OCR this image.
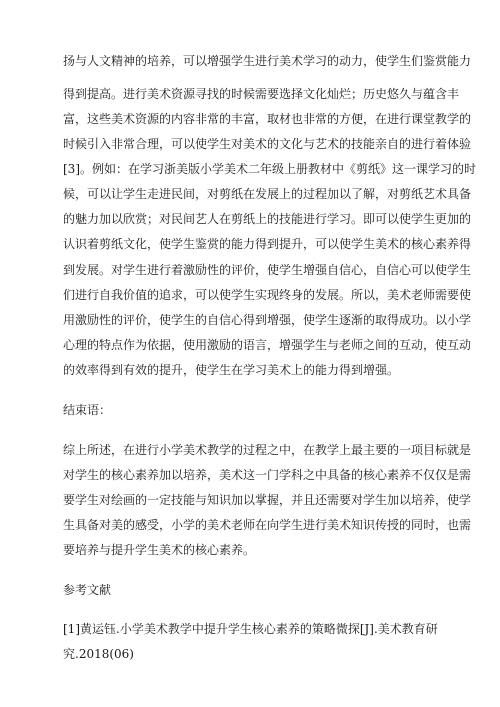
扬与人文精神的培养，可以增强学生进行美术学习的动力，使学生们鉴赏能力
得到提高。进行美术资源寻找的时候需要选择文化灿烂；历史悠久与蕴含丰
富，这些美术资源的内容非常的丰富，取材也非常的方便，在进行课堂教学的
时候引入非常合理，可以使学生对美术的文化与艺术的技能亲自的进行着体验
[3]。例如：在学习浙美版小学美术二年级上册教材中《剪纸》这一课学习的时
候，可以让学生走进民间，对剪纸在发展上的过程加以了解，对剪纸艺术具备
的魅力加以欣赏；对民间艺人在剪纸上的技能进行学习。即可以使学生更加的
认识着剪纸文化，使学生鉴赏的能力得到提升，可以使学生美术的核心素养得
到发展。对学生进行着激励性的评价，使学生增强自信心，自信心可以使学生
们进行自我价值的追求，可以使学生实现终身的发展。所以，美术老师需要使
用激励性的评价，使学生的自信心得到增强，使学生逐渐的取得成功。以小学
心理的特点作为依据，使用激励的语言，增强学生与老师之间的互动，使互动
的效率得到有效的提升，使学生在学习美术上的能力得到增强。
结束语：
综上所述，在进行小学美术教学的过程之中，在教学上最主要的一项目标就是
对学生的核心素养加以培养，美术这一门学科之中具备的核心素养不仅仅是需
要学生对绘画的一定技能与知识加以掌握，并且还需要对学生加以培养，使学
生具备对美的感受，小学的美术老师在向学生进行美术知识传授的同时，也需
要培养与提升学生美术的核心素养。
参考文献
[1]黄运钰.小学美术教学中提升学生核心素养的策略微探[J].美术教育研
究.2018(06)
